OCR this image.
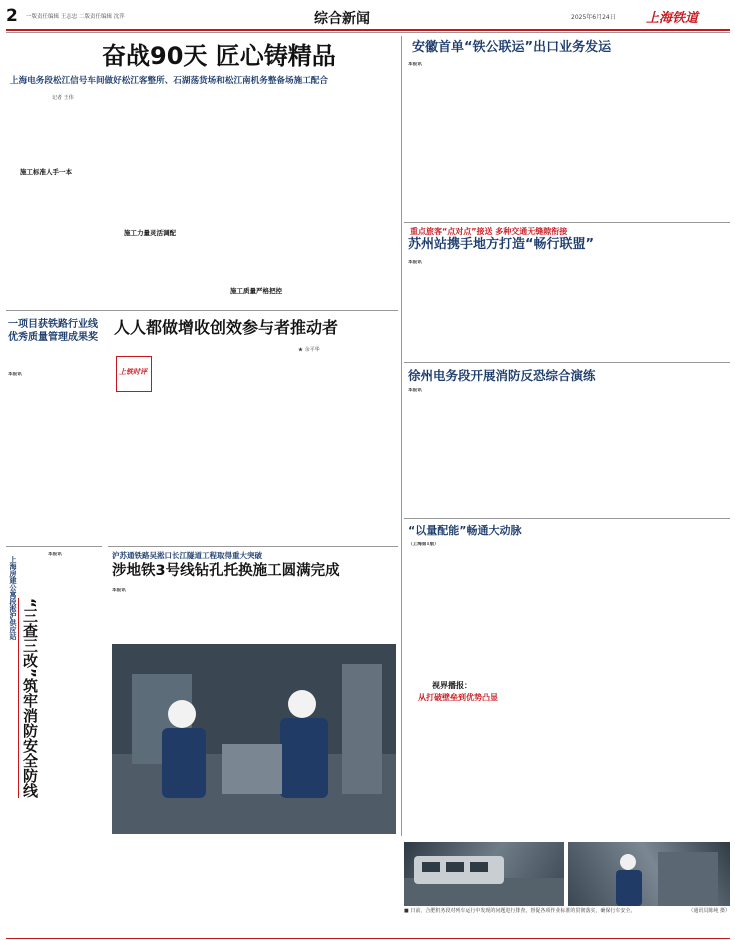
2 一版责任编辑 王志忠 二版责任编辑 沈萍	综合新闻	2025年6月24日 上海铁道
奋战90天 匠心铸精品
上海电务段松江信号车间做好松江客整所、石湖荡货场和松江南机务整备场施工配合
记者 王伟
施工标准人手一本
施工力量灵活调配
施工质量严格把控
安徽首单“铁公联运”出口业务发运
本报讯
重点旅客“点对点”接送 多种交通无缝隙衔接
苏州站携手地方打造“畅行联盟”
本报讯
徐州电务段开展消防反恐综合演练
本报讯
一项目获铁路行业线优秀质量管理成果奖
本报讯
人人都做增收创效参与者推动者
★ 余平华
上铁时评
上海房建公寓段淞沪供应站 “三查三改”筑牢消防安全防线
本报讯	沪苏通铁路吴淞口长江隧道工程取得重大突破
涉地铁3号线钻孔托换施工圆满完成
本报讯
“以量配能”畅通大动脉
（上海第1版）
视界播报：
从打破壁垒到优势凸显
■ 日前，合肥机务段对列车运行中发现的问题进行排查，督促各项作业标准的贯彻落实，确保行车安全。	（通讯员陈纯 摄）
